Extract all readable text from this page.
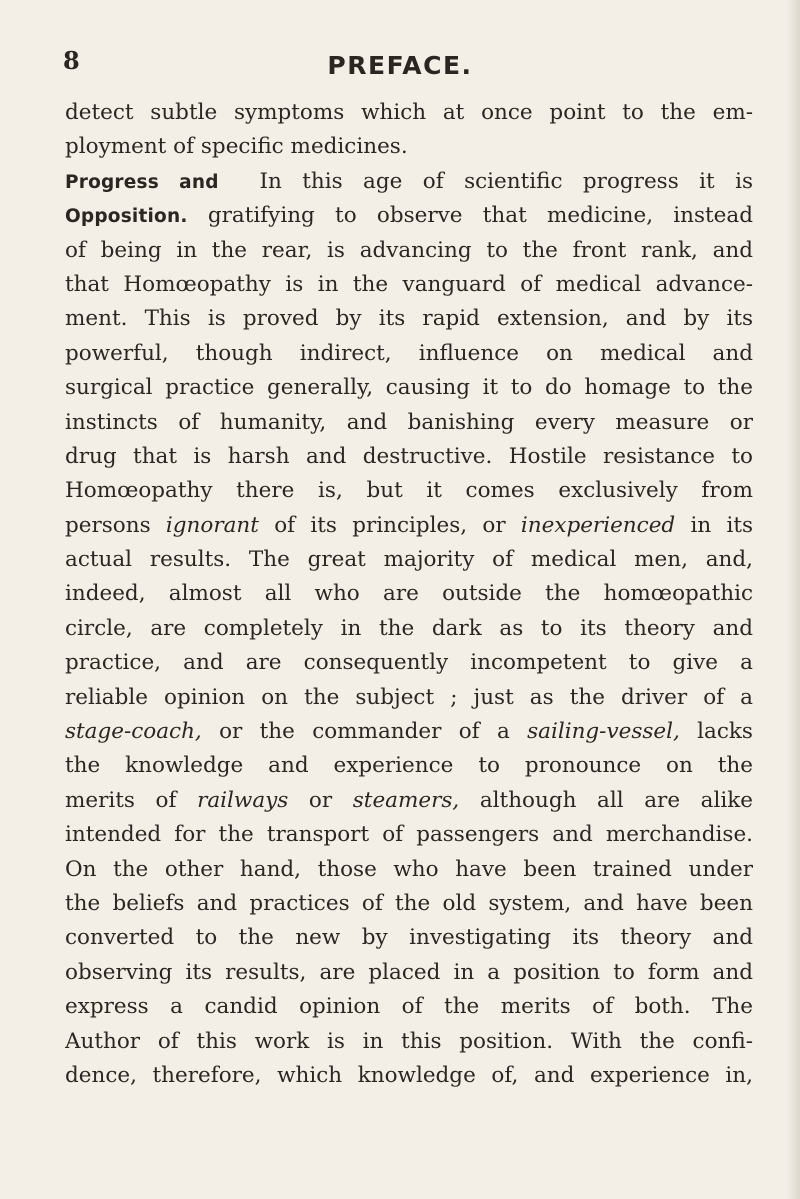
8	PREFACE.
detect subtle symptoms which at once point to the em-
ployment of specific medicines.
Progress and In this age of scientific progress it is
Opposition. gratifying to observe that medicine, instead
of being in the rear, is advancing to the front rank, and
that Homœopathy is in the vanguard of medical advance-
ment. This is proved by its rapid extension, and by its
powerful, though indirect, influence on medical and
surgical practice generally, causing it to do homage to the
instincts of humanity, and banishing every measure or
drug that is harsh and destructive. Hostile resistance to
Homœopathy there is, but it comes exclusively from
persons ignorant of its principles, or inexperienced in its
actual results. The great majority of medical men, and,
indeed, almost all who are outside the homœopathic
circle, are completely in the dark as to its theory and
practice, and are consequently incompetent to give a
reliable opinion on the subject ; just as the driver of a
stage-coach, or the commander of a sailing-vessel, lacks
the knowledge and experience to pronounce on the
merits of railways or steamers, although all are alike
intended for the transport of passengers and merchandise.
On the other hand, those who have been trained under
the beliefs and practices of the old system, and have been
converted to the new by investigating its theory and
observing its results, are placed in a position to form and
express a candid opinion of the merits of both. The
Author of this work is in this position. With the confi-
dence, therefore, which knowledge of, and experience in,
